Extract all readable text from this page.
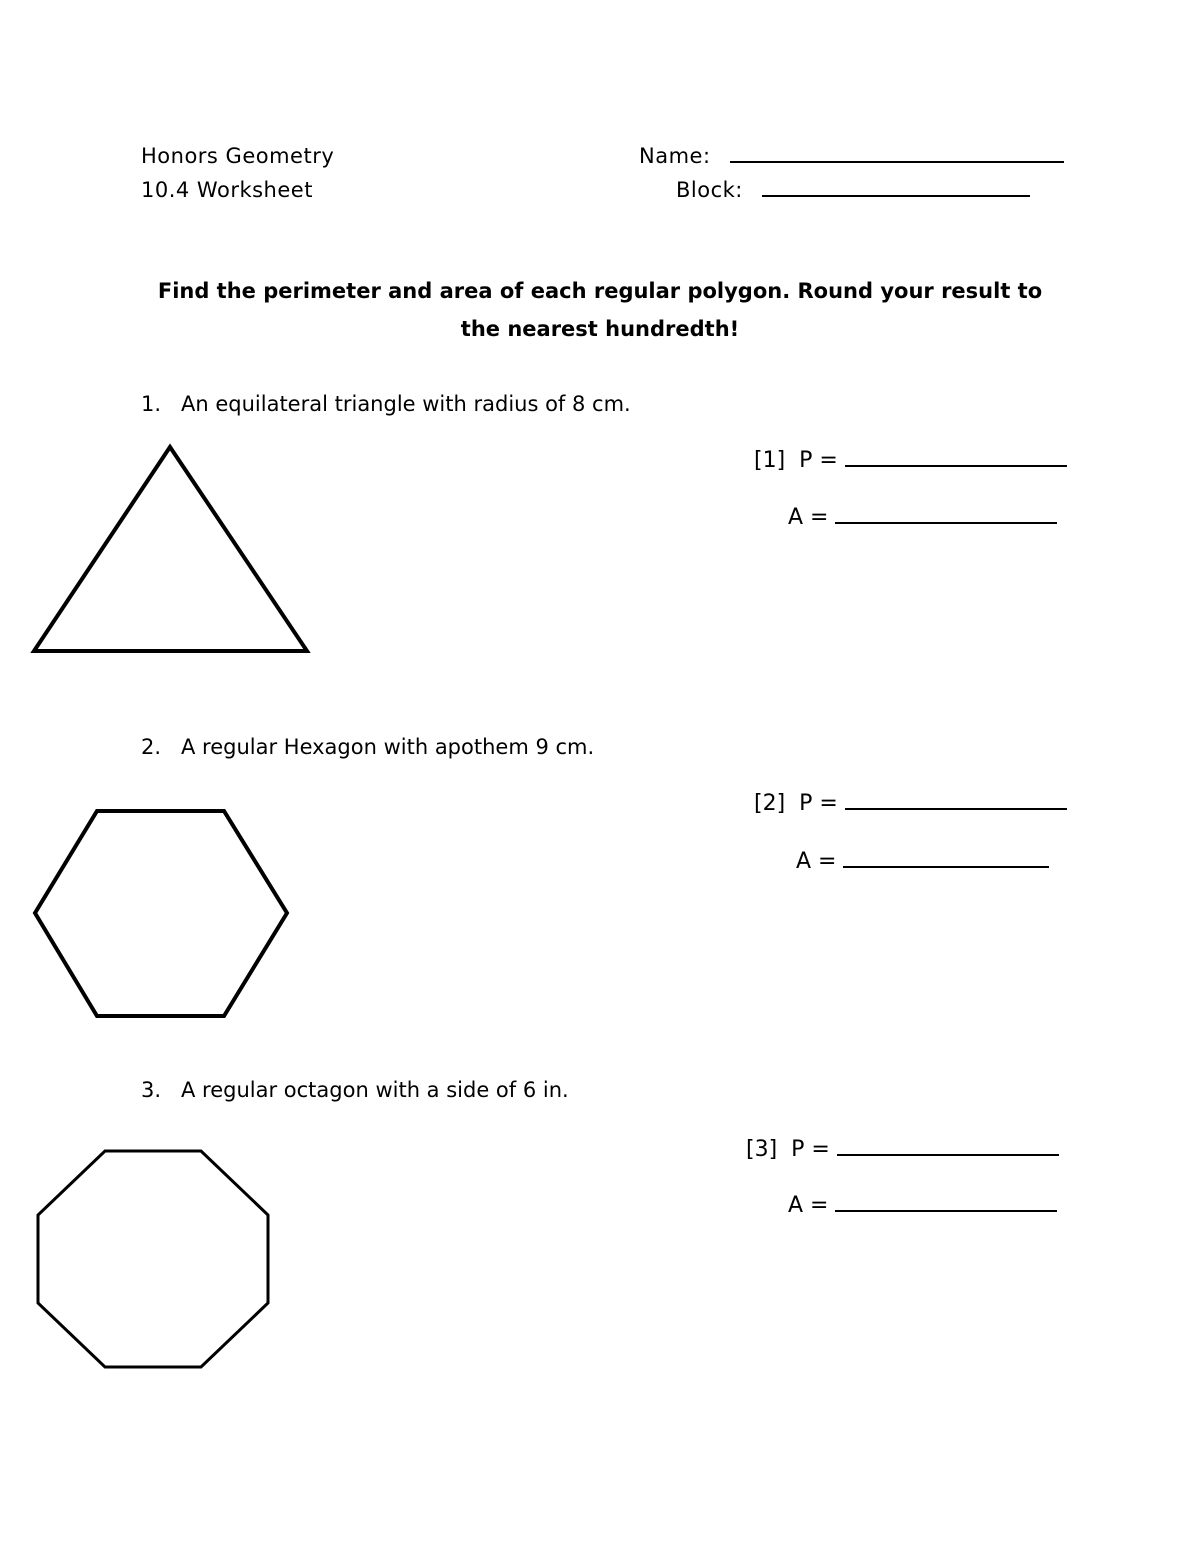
Honors Geometry
10.4 Worksheet
Name:
Block:
Find the perimeter and area of each regular polygon. Round your result to
the nearest hundredth!
1. An equilateral triangle with radius of 8 cm.
[1] P =
A =
2. A regular Hexagon with apothem 9 cm.
[2] P =
A =
3. A regular octagon with a side of 6 in.
[3] P =
A =
